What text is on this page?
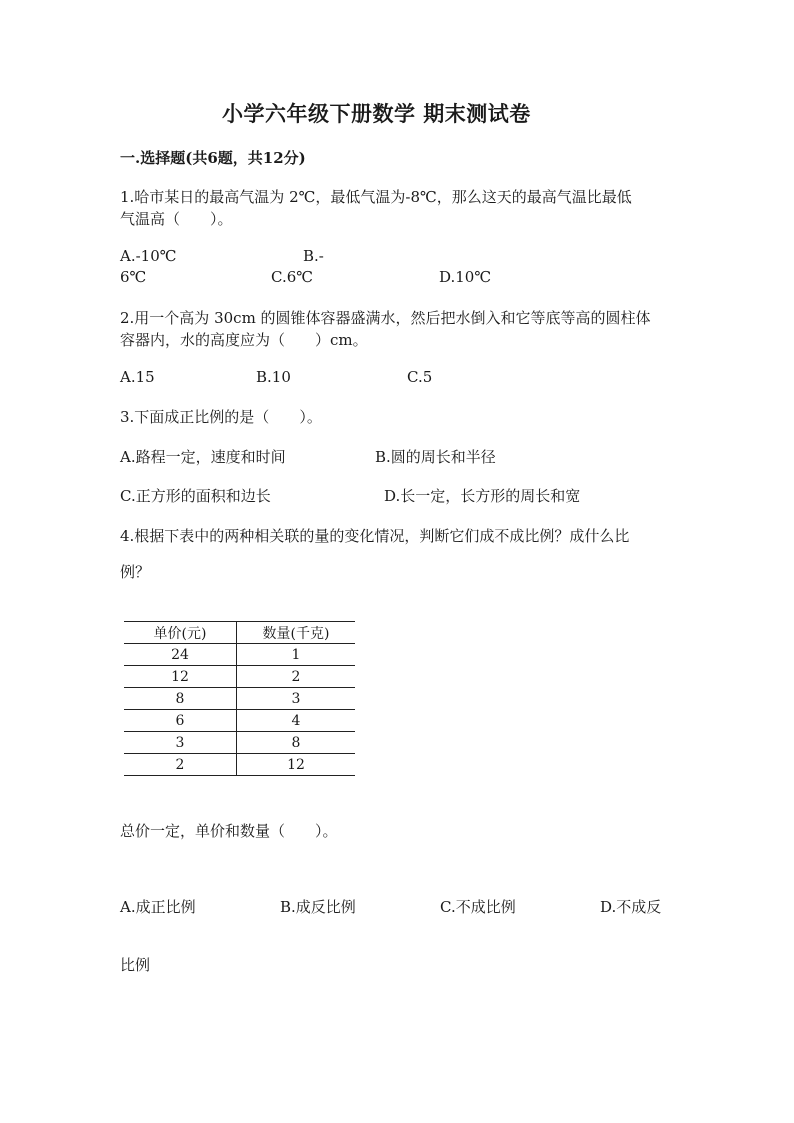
小学六年级下册数学 期末测试卷
一.选择题(共6题，共12分)
1.哈市某日的最高气温为 2℃，最低气温为-8℃，那么这天的最高气温比最低
气温高（　　）。
A.-10℃	B.-
6℃	C.6℃	D.10℃
2.用一个高为 30cm 的圆锥体容器盛满水，然后把水倒入和它等底等高的圆柱体
容器内，水的高度应为（　　）cm。
A.15	B.10	C.5
3.下面成正比例的是（　　）。
A.路程一定，速度和时间	B.圆的周长和半径
C.正方形的面积和边长	D.长一定，长方形的周长和宽
4.根据下表中的两种相关联的量的变化情况，判断它们成不成比例？成什么比
例？
单价(元)	数量(千克)
24	1
12	2
8	3
6	4
3	8
2	12
总价一定，单价和数量（　　）。
A.成正比例	B.成反比例	C.不成比例	D.不成反
比例
